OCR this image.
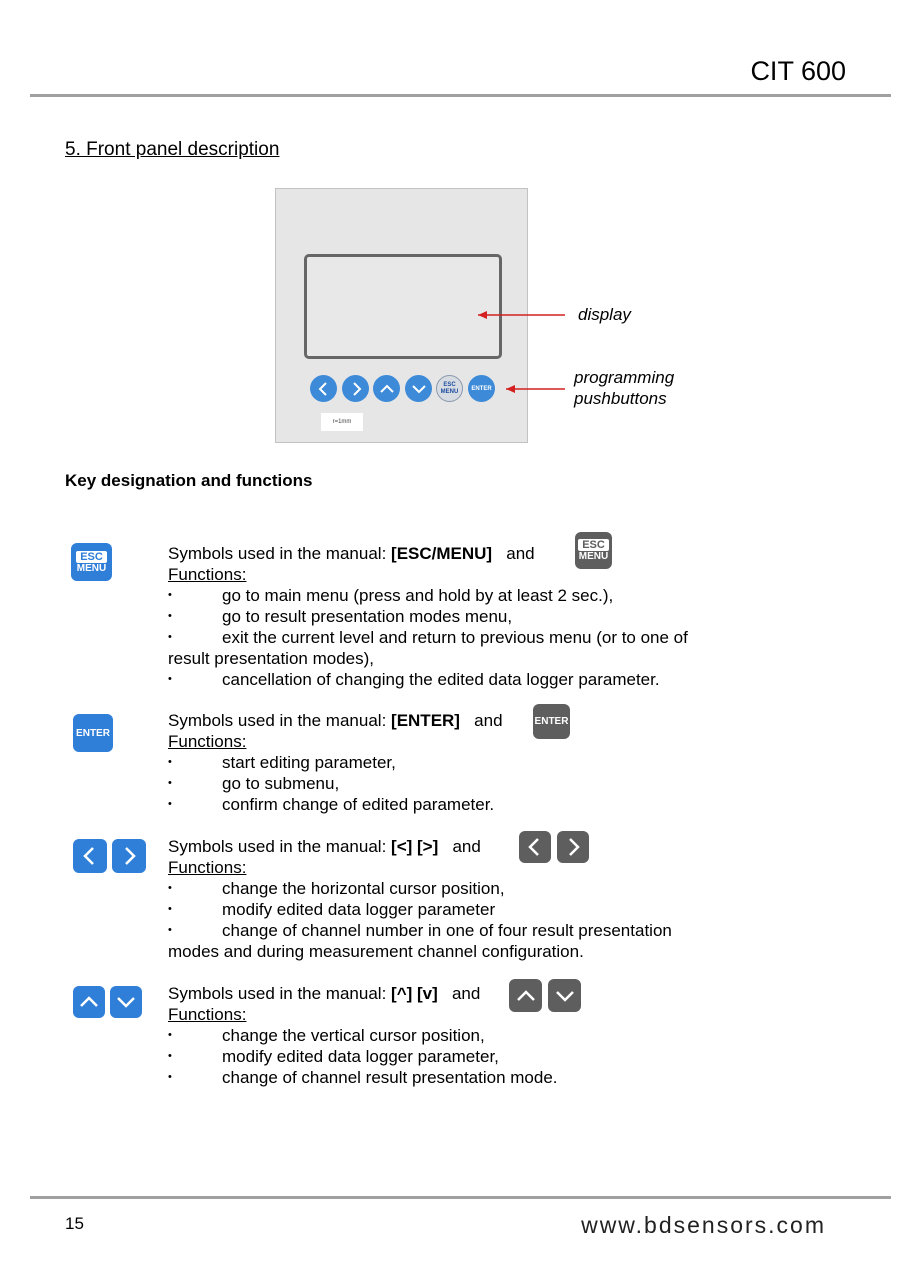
CIT 600
5. Front panel description
ESC
MENU ENTER
r=1mm
display
programming
pushbuttons
Key designation and functions
ESC
MENU
ESC
MENU

Symbols used in the manual: [ESC/MENU] and

Functions:

• go to main menu (press and hold by at least 2 sec.),

• go to result presentation modes menu,

• exit the current level and return to previous menu (or to one of

result presentation modes),

• cancellation of changing the edited data logger parameter.

ENTER
ENTER

Symbols used in the manual: [ENTER] and

Functions:

• start editing parameter,

• go to submenu,

• confirm change of edited parameter.

Symbols used in the manual: [<] [>] and

Functions:

• change the horizontal cursor position,

• modify edited data logger parameter

• change of channel number in one of four result presentation

modes and during measurement channel configuration.

Symbols used in the manual: [^] [v] and

Functions:

• change the vertical cursor position,

• modify edited data logger parameter,

• change of channel result presentation mode.

15	www.bdsensors.com
